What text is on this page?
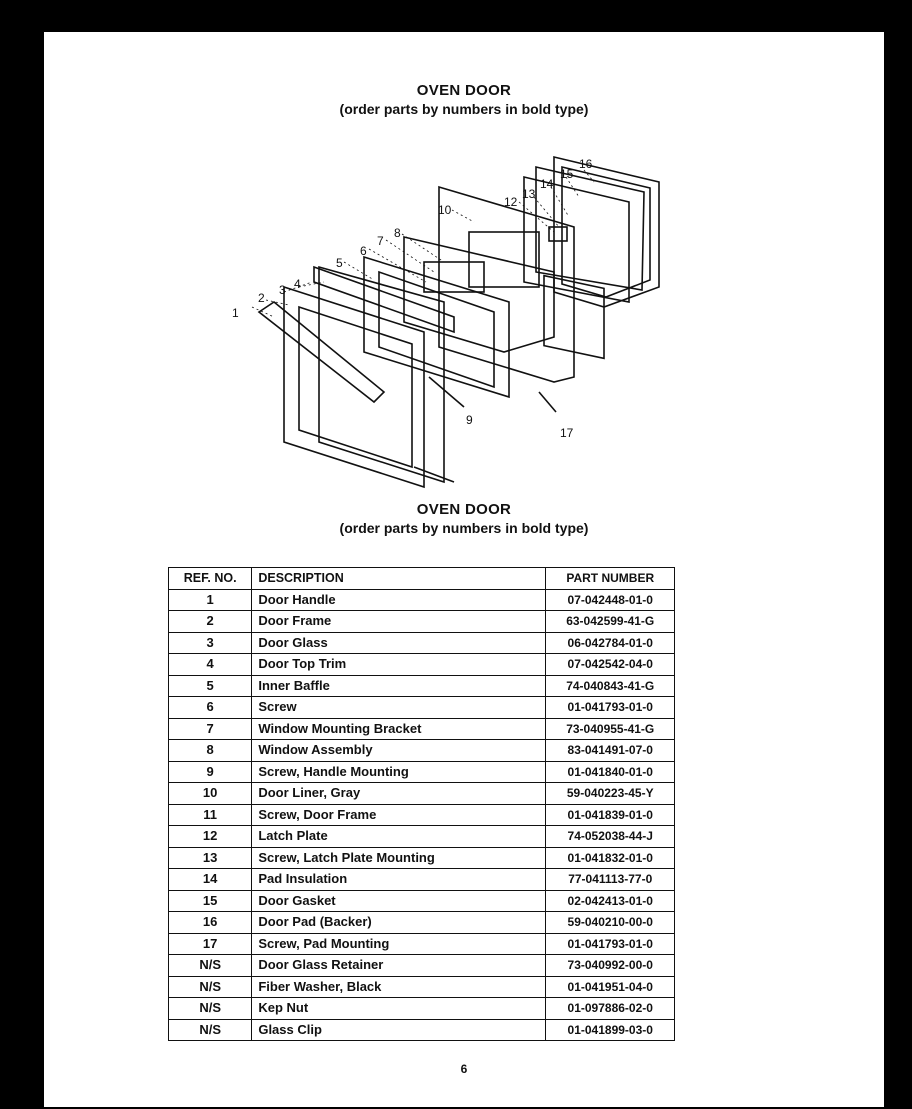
OVEN DOOR
(order parts by numbers in bold type)
1
2
3 4
5
6
7
8
9
10
12
13
14
15
16
17
OVEN DOOR
(order parts by numbers in bold type)
REF. NO.	DESCRIPTION	PART NUMBER
1	Door Handle	07-042448-01-0
2	Door Frame	63-042599-41-G
3	Door Glass	06-042784-01-0
4	Door Top Trim	07-042542-04-0
5	Inner Baffle	74-040843-41-G
6	Screw	01-041793-01-0
7	Window Mounting Bracket	73-040955-41-G
8	Window Assembly	83-041491-07-0
9	Screw, Handle Mounting	01-041840-01-0
10	Door Liner, Gray	59-040223-45-Y
11	Screw, Door Frame	01-041839-01-0
12	Latch Plate	74-052038-44-J
13	Screw, Latch Plate Mounting	01-041832-01-0
14	Pad Insulation	77-041113-77-0
15	Door Gasket	02-042413-01-0
16	Door Pad (Backer)	59-040210-00-0
17	Screw, Pad Mounting	01-041793-01-0
N/S	Door Glass Retainer	73-040992-00-0
N/S	Fiber Washer, Black	01-041951-04-0
N/S	Kep Nut	01-097886-02-0
N/S	Glass Clip	01-041899-03-0
6
